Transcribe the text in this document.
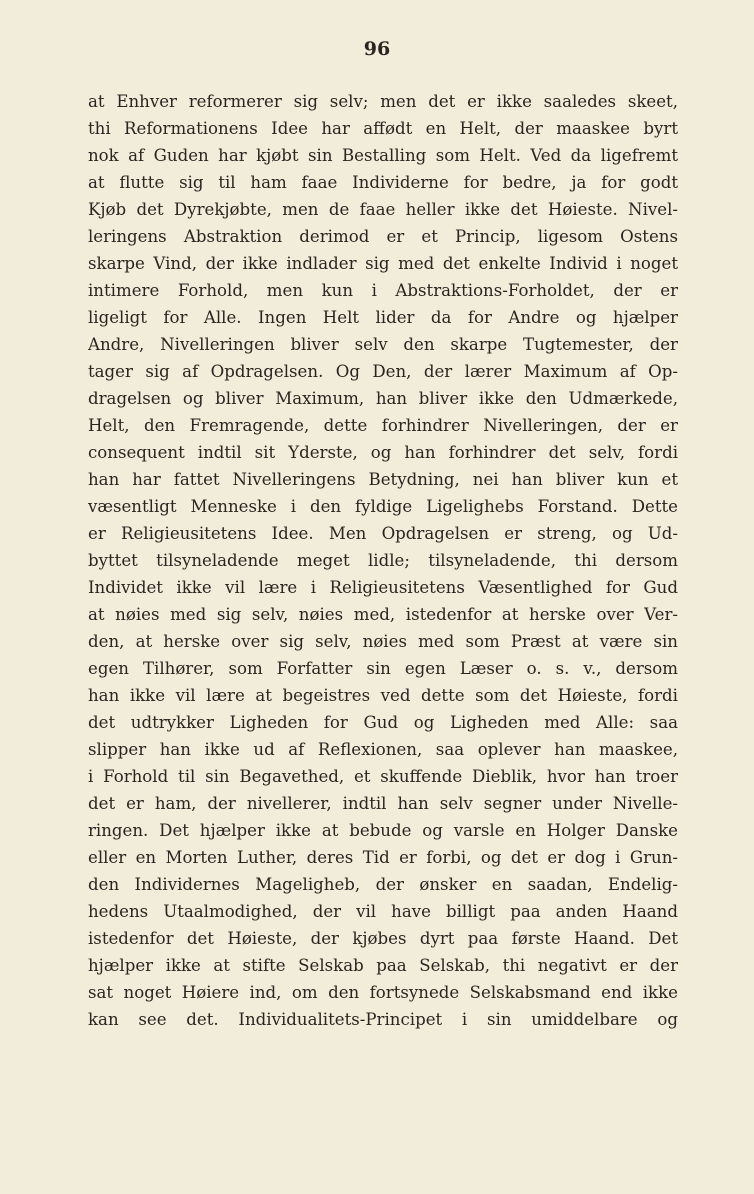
96
at Enhver reformerer sig selv; men det er ikke saaledes skeet,
thi Reformationens Idee har affødt en Helt, der maaskee byrt
nok af Guden har kjøbt sin Bestalling som Helt. Ved da ligefremt
at flutte sig til ham faae Individerne for bedre, ja for godt
Kjøb det Dyrekjøbte, men de faae heller ikke det Høieste. Nivel-
leringens Abstraktion derimod er et Princip, ligesom Ostens
skarpe Vind, der ikke indlader sig med det enkelte Individ i noget
intimere Forhold, men kun i Abstraktions-Forholdet, der er
ligeligt for Alle. Ingen Helt lider da for Andre og hjælper
Andre, Nivelleringen bliver selv den skarpe Tugtemester, der
tager sig af Opdragelsen. Og Den, der lærer Maximum af Op-
dragelsen og bliver Maximum, han bliver ikke den Udmærkede,
Helt, den Fremragende, dette forhindrer Nivelleringen, der er
consequent indtil sit Yderste, og han forhindrer det selv, fordi
han har fattet Nivelleringens Betydning, nei han bliver kun et
væsentligt Menneske i den fyldige Ligelighebs Forstand. Dette
er Religieusitetens Idee. Men Opdragelsen er streng, og Ud-
byttet tilsyneladende meget lidle; tilsyneladende, thi dersom
Individet ikke vil lære i Religieusitetens Væsentlighed for Gud
at nøies med sig selv, nøies med, istedenfor at herske over Ver-
den, at herske over sig selv, nøies med som Præst at være sin
egen Tilhører, som Forfatter sin egen Læser o. s. v., dersom
han ikke vil lære at begeistres ved dette som det Høieste, fordi
det udtrykker Ligheden for Gud og Ligheden med Alle: saa
slipper han ikke ud af Reflexionen, saa oplever han maaskee,
i Forhold til sin Begavethed, et skuffende Dieblik, hvor han troer
det er ham, der nivellerer, indtil han selv segner under Nivelle-
ringen. Det hjælper ikke at bebude og varsle en Holger Danske
eller en Morten Luther, deres Tid er forbi, og det er dog i Grun-
den Individernes Mageligheb, der ønsker en saadan, Endelig-
hedens Utaalmodighed, der vil have billigt paa anden Haand
istedenfor det Høieste, der kjøbes dyrt paa første Haand. Det
hjælper ikke at stifte Selskab paa Selskab, thi negativt er der
sat noget Høiere ind, om den fortsynede Selskabsmand end ikke
kan see det. Individualitets-Principet i sin umiddelbare og
